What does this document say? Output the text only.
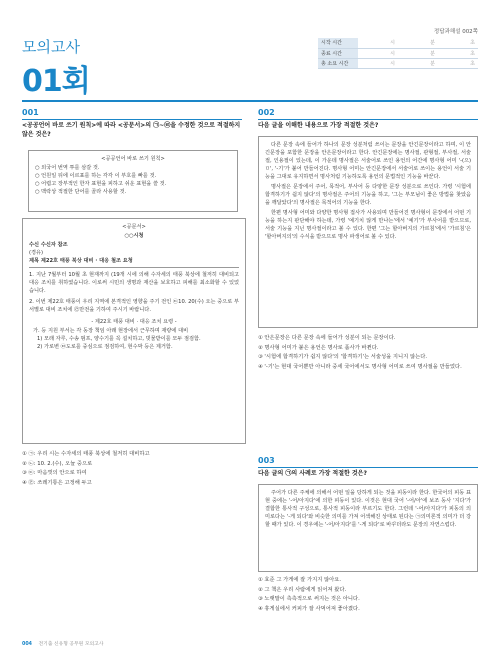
정답과해설 002쪽
모의고사
01회
시작 시간	시	분	초
종료 시간	시	분	초
총 소요 시간	시	분	초
001
<공공언어 바로 쓰기 원칙>에 따라 <공문서>의 ㉠~㉣을 수정한 것으로 적절하지 않은 것은?
<공공언어 바로 쓰기 원칙>
○ 외국어 번역 투를 삼갈 것.
○ 언원일 뒤에 이르표를 하는 각각 이 부호를 빠를 것.
○ 어렵고 장부적인 한자 표현을 피하고 쉬운 표현을 쓸 것.
○ 맥락상 적절한 단어를 골라 사용할 것.
<공문서>
○○시청
수신 수신자 참조
(경유)
제목 제22호 태풍 북상 대비 · 대응 철조 요청
1. 지난 7월부터 10월 초 현재까지 (19개 시에 의해 수자세의 태풍 북상에 철저히 대비되고 대응 조치를 취하였습니다. 이로써 시민의 생명과 재산을 보호하고 피해를 최소화할 수 있었습니다.
2. 이번 제22호 태풍이 우리 지역에 본격적인 영향을 주기 전인 ㉢10. 20(수) 오는 중으로 부서별로 대비 조치에 ㉣만전을 기하여 주시기 바랍니다.
- 제22호 태풍 대비 · 대응 조치 요령 -
가. 등 지원 부서는 각 동장 책임 아래 현장에서 근무하며 재량에 대비
1) 모래 자루, 수송 펌프, 양수기를 꼭 설치하고, 빗물받이를 모두 점검함.
2) 가로변 ㉤도로를 중심으로 점검하여, 현수막 등은 제거함.
① ㉠: 우리 시는 수자세의 태풍 북상에 철저히 대비하고
② ㉡: 10. 2.(수), 오늘 중으로
③ ㉢: 마음껏의 안으로 하여
④ ㉣: 쓰레기통은 고정해 두고
002
다음 글을 이해한 내용으로 가장 적절한 것은?
다른 문장 속에 들어가 하나의 문장 성분처럼 쓰이는 문장을 안긴문장이라고 하며, 이 안긴문장을 포함한 문장을 안은문장이라고 한다. 안긴문장에는 명사절, 관형절, 부사절, 서술절, 인용절이 있는데, 이 가운데 명사절은 서술어로 쓰인 용언의 어간에 명사형 어미 '-(으)ㅁ', '-기'가 붙어 만들어진다. 명사형 어미는 안긴문장에서 서술어로 쓰이는 용언이 서술 기능을 그대로 유지하면서 명사처럼 기능하도록 용언의 문법적인 기능을 바꾼다.
명사절은 문장에서 주어, 목적어, 부사어 등 다양한 문장 성분으로 쓰인다. 가령 '시험에 합격하기가 쉽지 않다'의 명사절은 주어의 기능을 하고, '그는 부모님이 좋은 방법을 찾았음을 깨달았다'의 명사절은 목적어의 기능을 한다.
한편 명사형 어미와 다양한 명사형 접사가 사용되며 만들어진 명사형이 문장에서 어떤 기능을 하는지 판단해야 하는데, 가령 '예기치 않게 만나는'에서 '예기'가 부사어를 받으므로, 서술 기능을 지닌 명사절이라고 볼 수 있다. 한편 '그는 할아버지의 가르침'에서 '가르침'은 '할아버지의'의 수식을 받으므로 명사 파생어로 볼 수 있다.
① 안은문장은 다른 문장 속에 들어가 성분이 되는 문장이다.
② 명사형 어미가 붙은 용언은 명사로 품사가 바뀐다.
③ '시험에 합격하기가 쉽지 않다'의 '합격하기'는 서술성을 지니지 않는다.
④ '-기'는 현대 국어뿐만 아니라 중세 국어에서도 명사형 어미로 쓰여 명사절을 만들었다.
003
다음 글의 ㉠의 사례로 가장 적절한 것은?
주어가 다른 주체에 의해서 어떤 일을 당하게 되는 것을 피동이라 한다. 한국어의 피동 표현 중에는 '-어/아지다'에 의한 피동이 있다. 이것은 현대 국어 '-어/아'에 보조 동사 '지다'가 결합한 통사적 구성으로, 통사적 피동이라 부르기도 한다. 그런데 '-어/아지다'가 피동의 의미로다는 '-게 되다'와 비슷한 의미를 가져 어색해진 상태로 된다는 ㉠의미론적 의미가 더 강할 때가 있다. 이 경우에는 '-어/아지다'를 '-게 되다'로 바꾸더라도 문장의 자연스럽다.
① 효준 그 가게에 잘 가지지 않아요.
② 그 책은 우리 사람에게 읽어져 왔다.
③ 노랫말이 측측적으로 써지는 것은 아니다.
④ 휴게실에서 커피가 잘 사먹어져 좋아졌다.
004 전기출 신유형 공무원 모의고사
